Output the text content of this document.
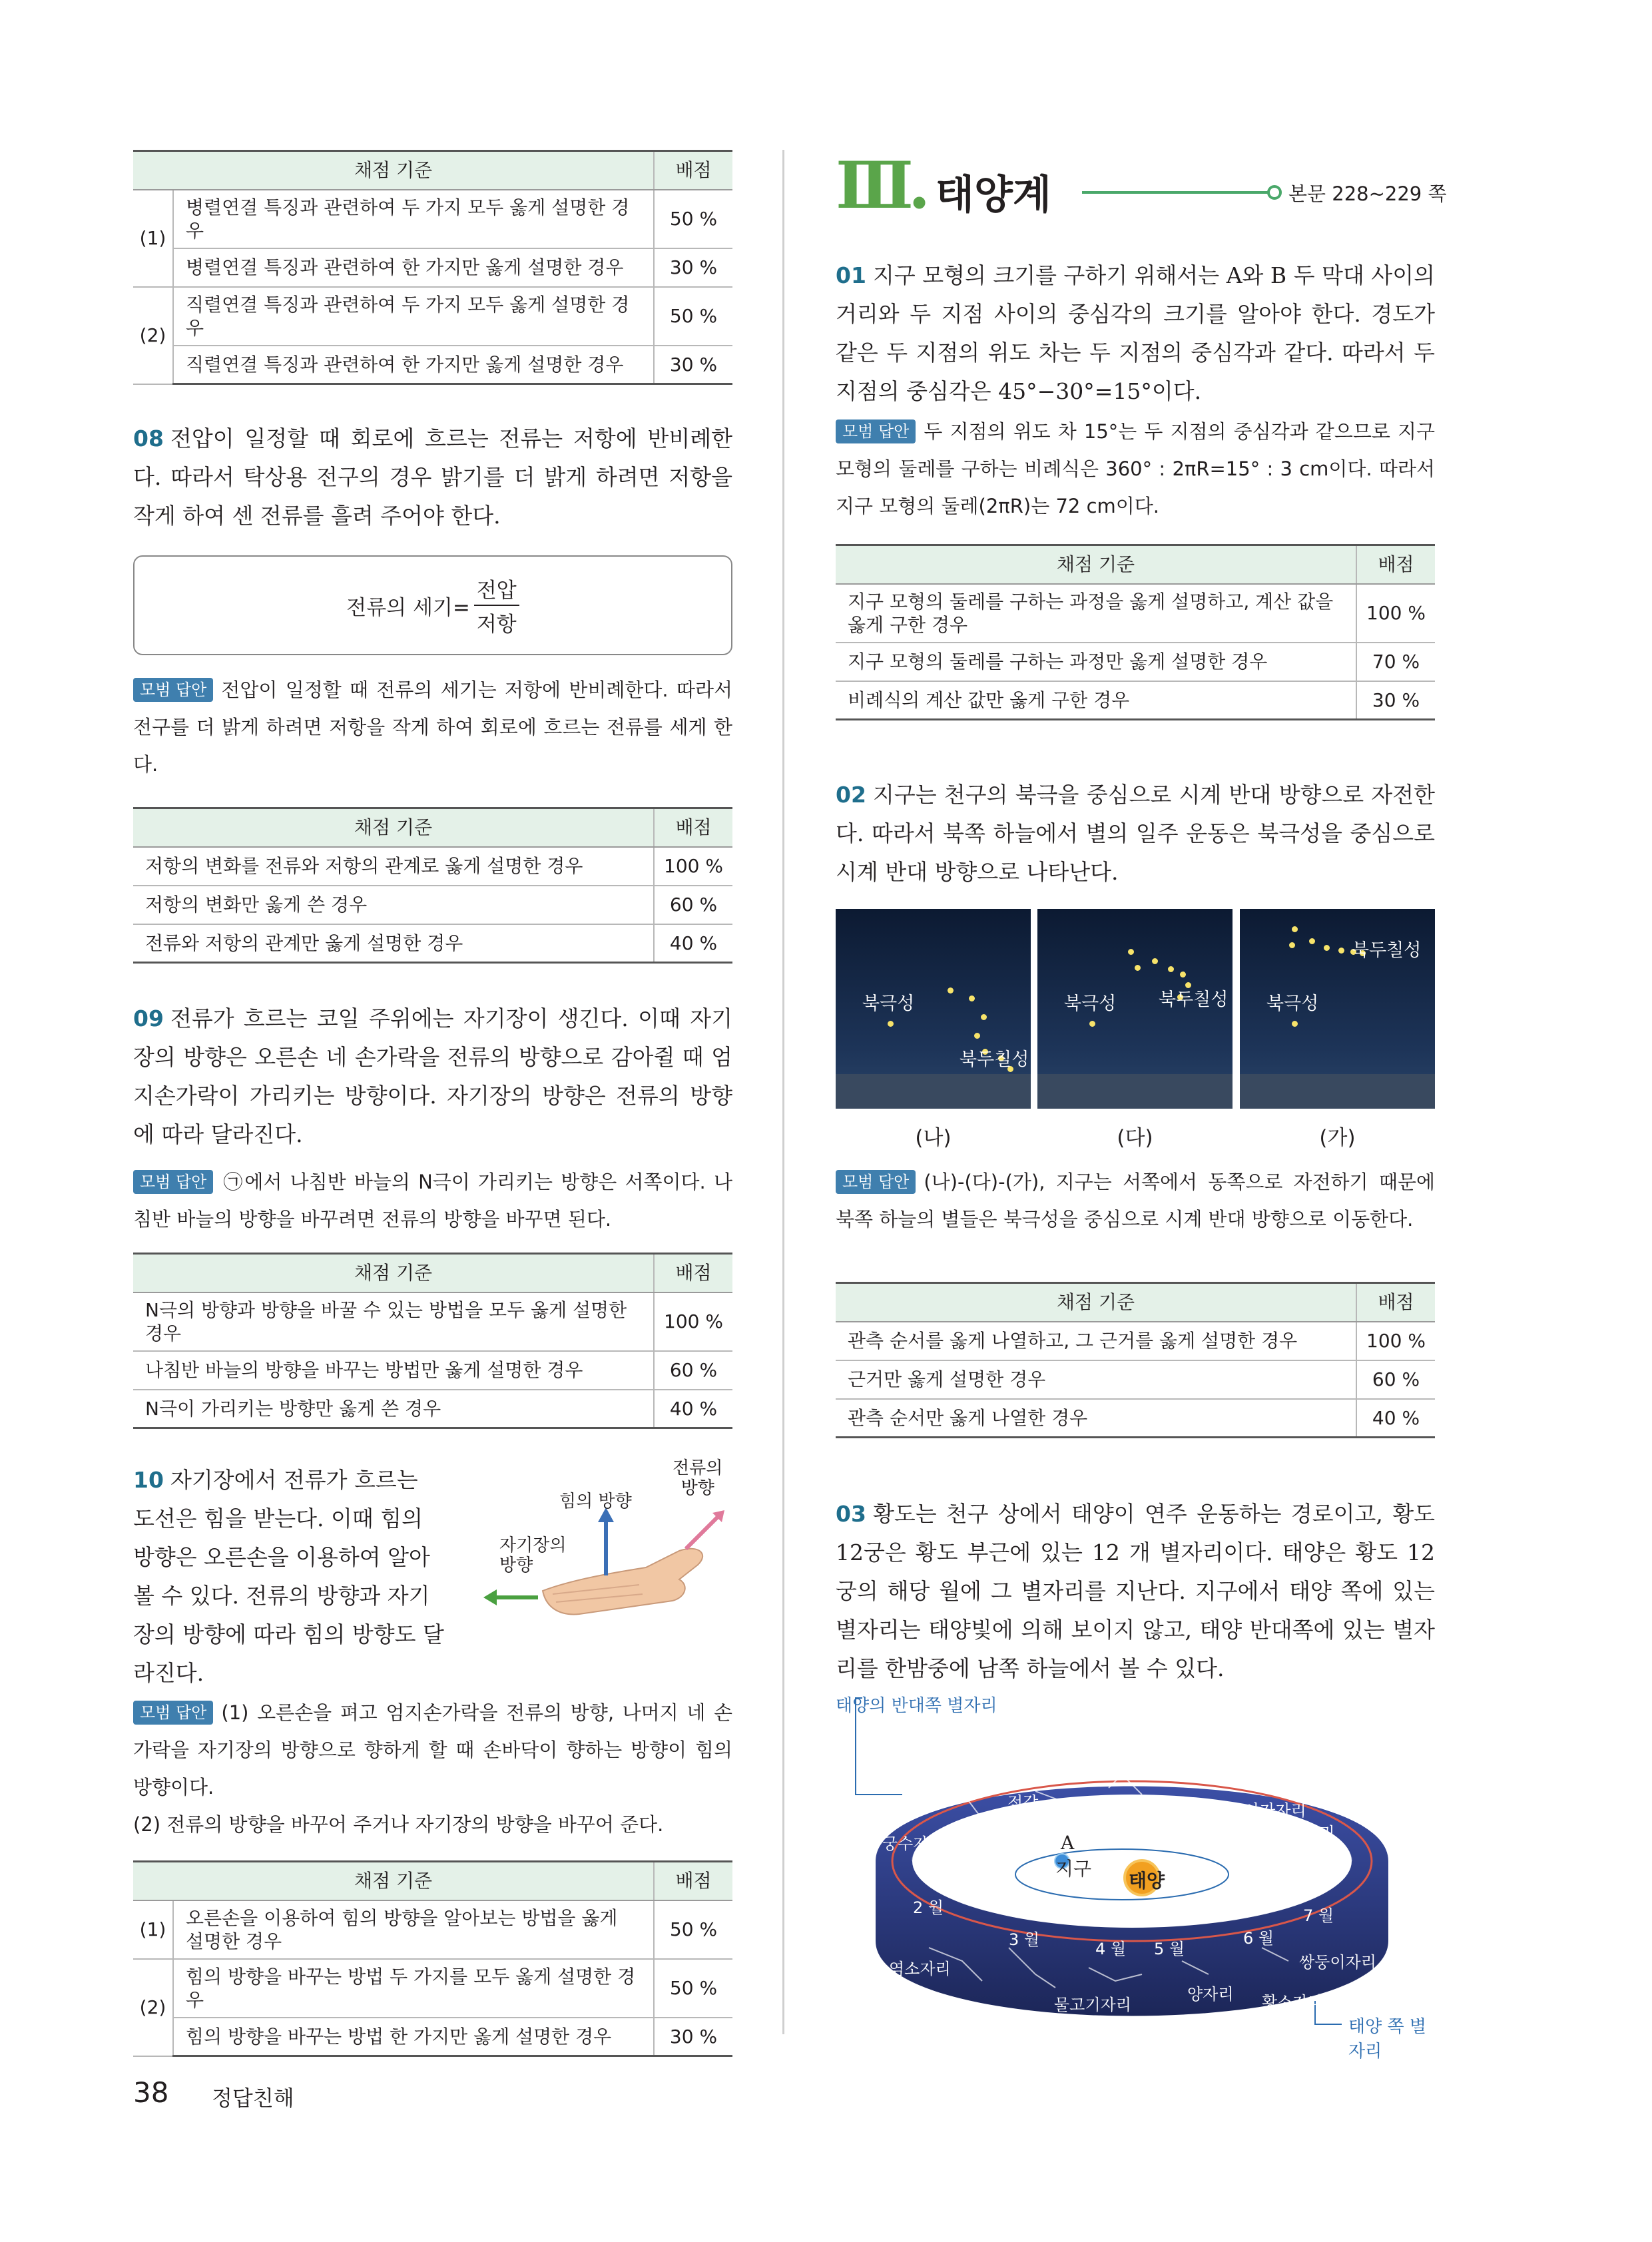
채점 기준		배점
(1)	병렬연결 특징과 관련하여 두 가지 모두 옳게 설명한 경우	50 %
	병렬연결 특징과 관련하여 한 가지만 옳게 설명한 경우	30 %
(2)	직렬연결 특징과 관련하여 두 가지 모두 옳게 설명한 경우	50 %
	직렬연결 특징과 관련하여 한 가지만 옳게 설명한 경우	30 %
08 전압이 일정할 때 회로에 흐르는 전류는 저항에 반비례한다. 따라서 탁상용 전구의 경우 밝기를 더 밝게 하려면 저항을 작게 하여 센 전류를 흘려 주어야 한다.
전류의 세기= $\frac{\text{전압}}{\text{저항}}$
모범 답안 전압이 일정할 때 전류의 세기는 저항에 반비례한다. 따라서 전구를 더 밝게 하려면 저항을 작게 하여 회로에 흐르는 전류를 세게 한다.
채점 기준	배점
저항의 변화를 전류와 저항의 관계로 옳게 설명한 경우	100 %
저항의 변화만 옳게 쓴 경우	60 %
전류와 저항의 관계만 옳게 설명한 경우	40 %
09 전류가 흐르는 코일 주위에는 자기장이 생긴다. 이때 자기장의 방향은 오른손 네 손가락을 전류의 방향으로 감아쥘 때 엄지손가락이 가리키는 방향이다. 자기장의 방향은 전류의 방향에 따라 달라진다.
모범 답안 ㉠에서 나침반 바늘의 N극이 가리키는 방향은 서쪽이다. 나침반 바늘의 방향을 바꾸려면 전류의 방향을 바꾸면 된다.
채점 기준	배점
N극의 방향과 방향을 바꿀 수 있는 방법을 모두 옳게 설명한 경우	100 %
나침반 바늘의 방향을 바꾸는 방법만 옳게 설명한 경우	60 %
N극이 가리키는 방향만 옳게 쓴 경우	40 %
10 자기장에서 전류가 흐르는
도선은 힘을 받는다. 이때 힘의
방향은 오른손을 이용하여 알아
볼 수 있다. 전류의 방향과 자기
장의 방향에 따라 힘의 방향도 달
라진다.
힘의 방향
전류의
방향
자기장의
방향
모범 답안 (1) 오른손을 펴고 엄지손가락을 전류의 방향, 나머지 네 손가락을 자기장의 방향으로 향하게 할 때 손바닥이 향하는 방향이 힘의 방향이다.
(2) 전류의 방향을 바꾸어 주거나 자기장의 방향을 바꾸어 준다.
채점 기준		배점
(1)	오른손을 이용하여 힘의 방향을 알아보는 방법을 옳게 설명한 경우	50 %
(2)	힘의 방향을 바꾸는 방법 두 가지를 모두 옳게 설명한 경우	50 %
	힘의 방향을 바꾸는 방법 한 가지만 옳게 설명한 경우	30 %
Ⅲ. 태양계	본문 228~229 쪽
01 지구 모형의 크기를 구하기 위해서는 A와 B 두 막대 사이의 거리와 두 지점 사이의 중심각의 크기를 알아야 한다. 경도가 같은 두 지점의 위도 차는 두 지점의 중심각과 같다. 따라서 두 지점의 중심각은 45°−30°=15°이다.
모범 답안 두 지점의 위도 차 15°는 두 지점의 중심각과 같으므로 지구 모형의 둘레를 구하는 비례식은 360° : 2πR=15° : 3 cm이다. 따라서 지구 모형의 둘레(2πR)는 72 cm이다.
채점 기준	배점
지구 모형의 둘레를 구하는 과정을 옳게 설명하고, 계산 값을 옳게 구한 경우	100 %
지구 모형의 둘레를 구하는 과정만 옳게 설명한 경우	70 %
비례식의 계산 값만 옳게 구한 경우	30 %
02 지구는 천구의 북극을 중심으로 시계 반대 방향으로 자전한다. 따라서 북쪽 하늘에서 별의 일주 운동은 북극성을 중심으로 시계 반대 방향으로 나타난다.
북극성
북두칠성
(나)
북극성 북두칠성
(다)
북극성
북두칠성
(가)
모범 답안 (나)-(다)-(가), 지구는 서쪽에서 동쪽으로 자전하기 때문에 북쪽 하늘의 별들은 북극성을 중심으로 시계 반대 방향으로 이동한다.
채점 기준	배점
관측 순서를 옳게 나열하고, 그 근거를 옳게 설명한 경우	100 %
근거만 옳게 설명한 경우	60 %
관측 순서만 옳게 나열한 경우	40 %
03 황도는 천구 상에서 태양이 연주 운동하는 경로이고, 황도 12궁은 황도 부근에 있는 12 개 별자리이다. 태양은 황도 12궁의 해당 월에 그 별자리를 지난다. 지구에서 태양 쪽에 있는 별자리는 태양빛에 의해 보이지 않고, 태양 반대쪽에 있는 별자리를 한밤중에 남쪽 하늘에서 볼 수 있다.
태양의 반대쪽 별자리
태양 쪽 별자리
지구
태양
A
1 월
2 월
3 월	4 월 5 월
6 월
7 월
8 월
9 월
10 월
11 월
12 월
궁수자리
전갈자리
천칭자리 처녀자리 사자자리
게자리
쌍둥이자리
황소자리
양자리
물고기자리
물병자리
염소자리
38 정답친해
